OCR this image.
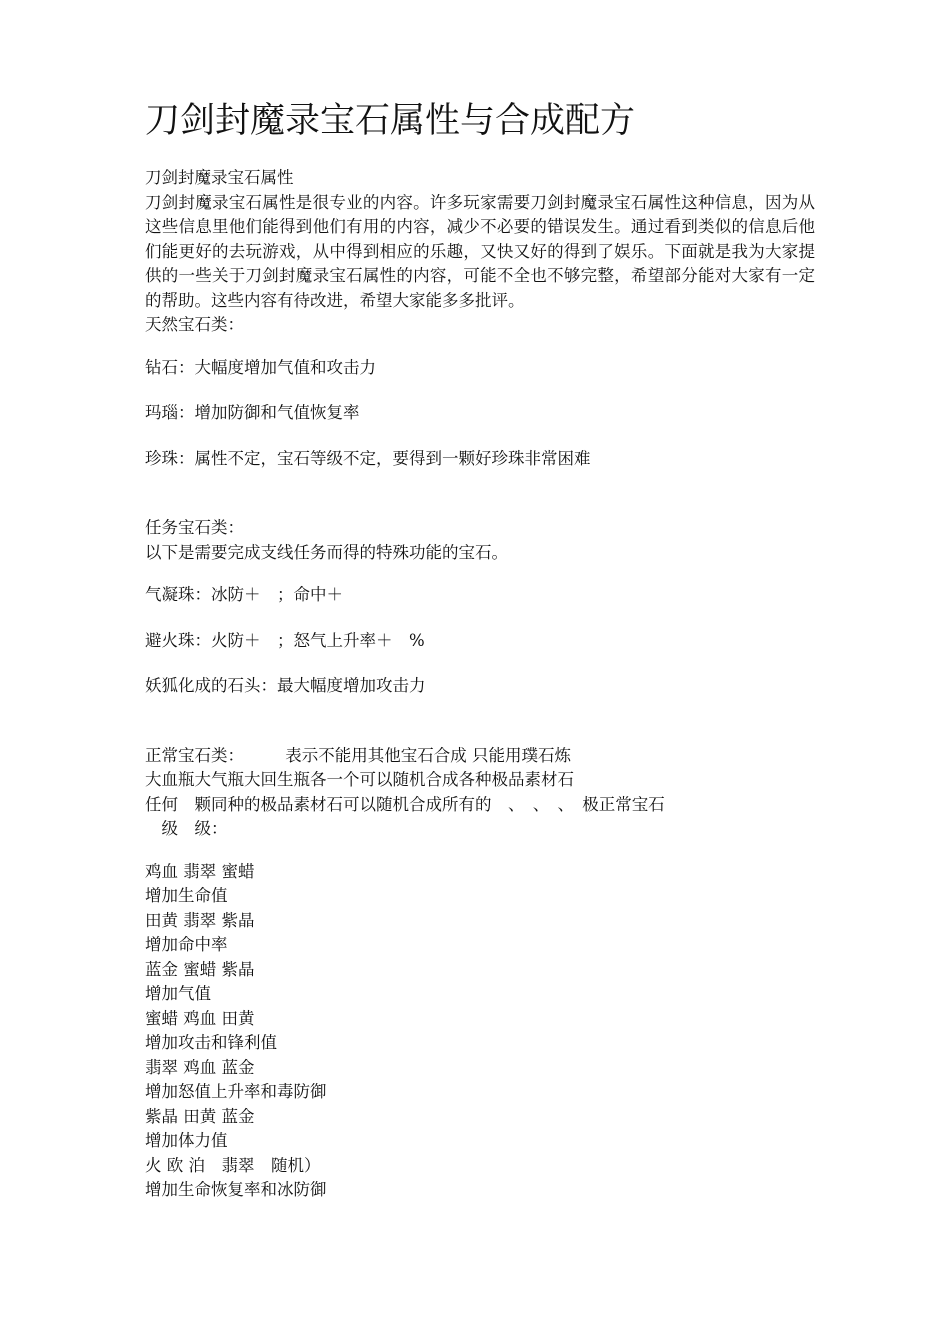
刀剑封魔录宝石属性与合成配方

刀剑封魔录宝石属性

刀剑封魔录宝石属性是很专业的内容。许多玩家需要刀剑封魔录宝石属性这种信息，因为从这些信息里他们能得到他们有用的内容，减少不必要的错误发生。通过看到类似的信息后他们能更好的去玩游戏，从中得到相应的乐趣，又快又好的得到了娱乐。下面就是我为大家提供的一些关于刀剑封魔录宝石属性的内容，可能不全也不够完整，希望部分能对大家有一定的帮助。这些内容有待改进，希望大家能多多批评。

天然宝石类：

钻石：大幅度增加气值和攻击力

玛瑙：增加防御和气值恢复率

珍珠：属性不定，宝石等级不定，要得到一颗好珍珠非常困难

任务宝石类：

以下是需要完成支线任务而得的特殊功能的宝石。

气凝珠：冰防＋　；命中＋

避火珠：火防＋　；怒气上升率＋　%

妖狐化成的石头：最大幅度增加攻击力

正常宝石类：　　　表示不能用其他宝石合成 只能用璞石炼

大血瓶大气瓶大回生瓶各一个可以随机合成各种极品素材石

任何　颗同种的极品素材石可以随机合成所有的　、　、　、　极正常宝石

　级　级：

鸡血 翡翠 蜜蜡

增加生命值

田黄 翡翠 紫晶

增加命中率

蓝金 蜜蜡 紫晶

增加气值

蜜蜡 鸡血 田黄

增加攻击和锋利值

翡翠 鸡血 蓝金

增加怒值上升率和毒防御

紫晶 田黄 蓝金

增加体力值

火 欧 泊　翡翠　随机）

增加生命恢复率和冰防御
